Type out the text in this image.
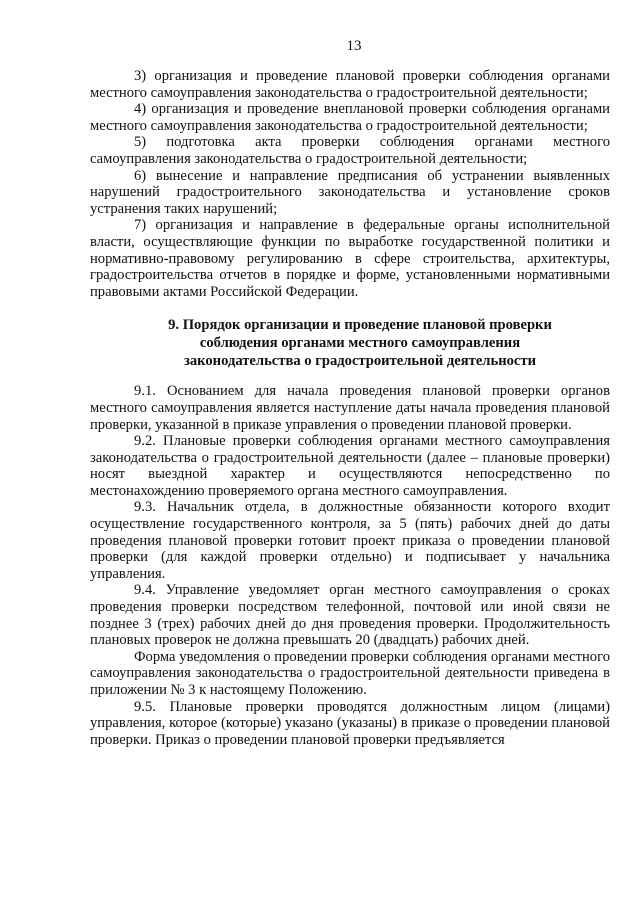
13

3) организация и проведение плановой проверки соблюдения органами местного самоуправления законодательства о градостроительной деятельности;

4) организация и проведение внеплановой проверки соблюдения органами местного самоуправления законодательства о градостроительной деятельности;

5) подготовка акта проверки соблюдения органами местного самоуправления законодательства о градостроительной деятельности;

6) вынесение и направление предписания об устранении выявленных нарушений градостроительного законодательства и установление сроков устранения таких нарушений;

7) организация и направление в федеральные органы исполнительной власти, осуществляющие функции по выработке государственной политики и нормативно-правовому регулированию в сфере строительства, архитектуры, градостроительства отчетов в порядке и форме, установленными нормативными правовыми актами Российской Федерации.

9. Порядок организации и проведение плановой проверки
соблюдения органами местного самоуправления
законодательства о градостроительной деятельности

9.1. Основанием для начала проведения плановой проверки органов местного самоуправления является наступление даты начала проведения плановой проверки, указанной в приказе управления о проведении плановой проверки.

9.2. Плановые проверки соблюдения органами местного самоуправления законодательства о градостроительной деятельности (далее – плановые проверки) носят выездной характер и осуществляются непосредственно по местонахождению проверяемого органа местного самоуправления.

9.3. Начальник отдела, в должностные обязанности которого входит осуществление государственного контроля, за 5 (пять) рабочих дней до даты проведения плановой проверки готовит проект приказа о проведении плановой проверки (для каждой проверки отдельно) и подписывает у начальника управления.

9.4. Управление уведомляет орган местного самоуправления о сроках проведения проверки посредством телефонной, почтовой или иной связи не позднее 3 (трех) рабочих дней до дня проведения проверки. Продолжительность плановых проверок не должна превышать 20 (двадцать) рабочих дней.

Форма уведомления о проведении проверки соблюдения органами местного самоуправления законодательства о градостроительной деятельности приведена в приложении № 3 к настоящему Положению.

9.5. Плановые проверки проводятся должностным лицом (лицами) управления, которое (которые) указано (указаны) в приказе о проведении плановой проверки. Приказ о проведении плановой проверки предъявляется
